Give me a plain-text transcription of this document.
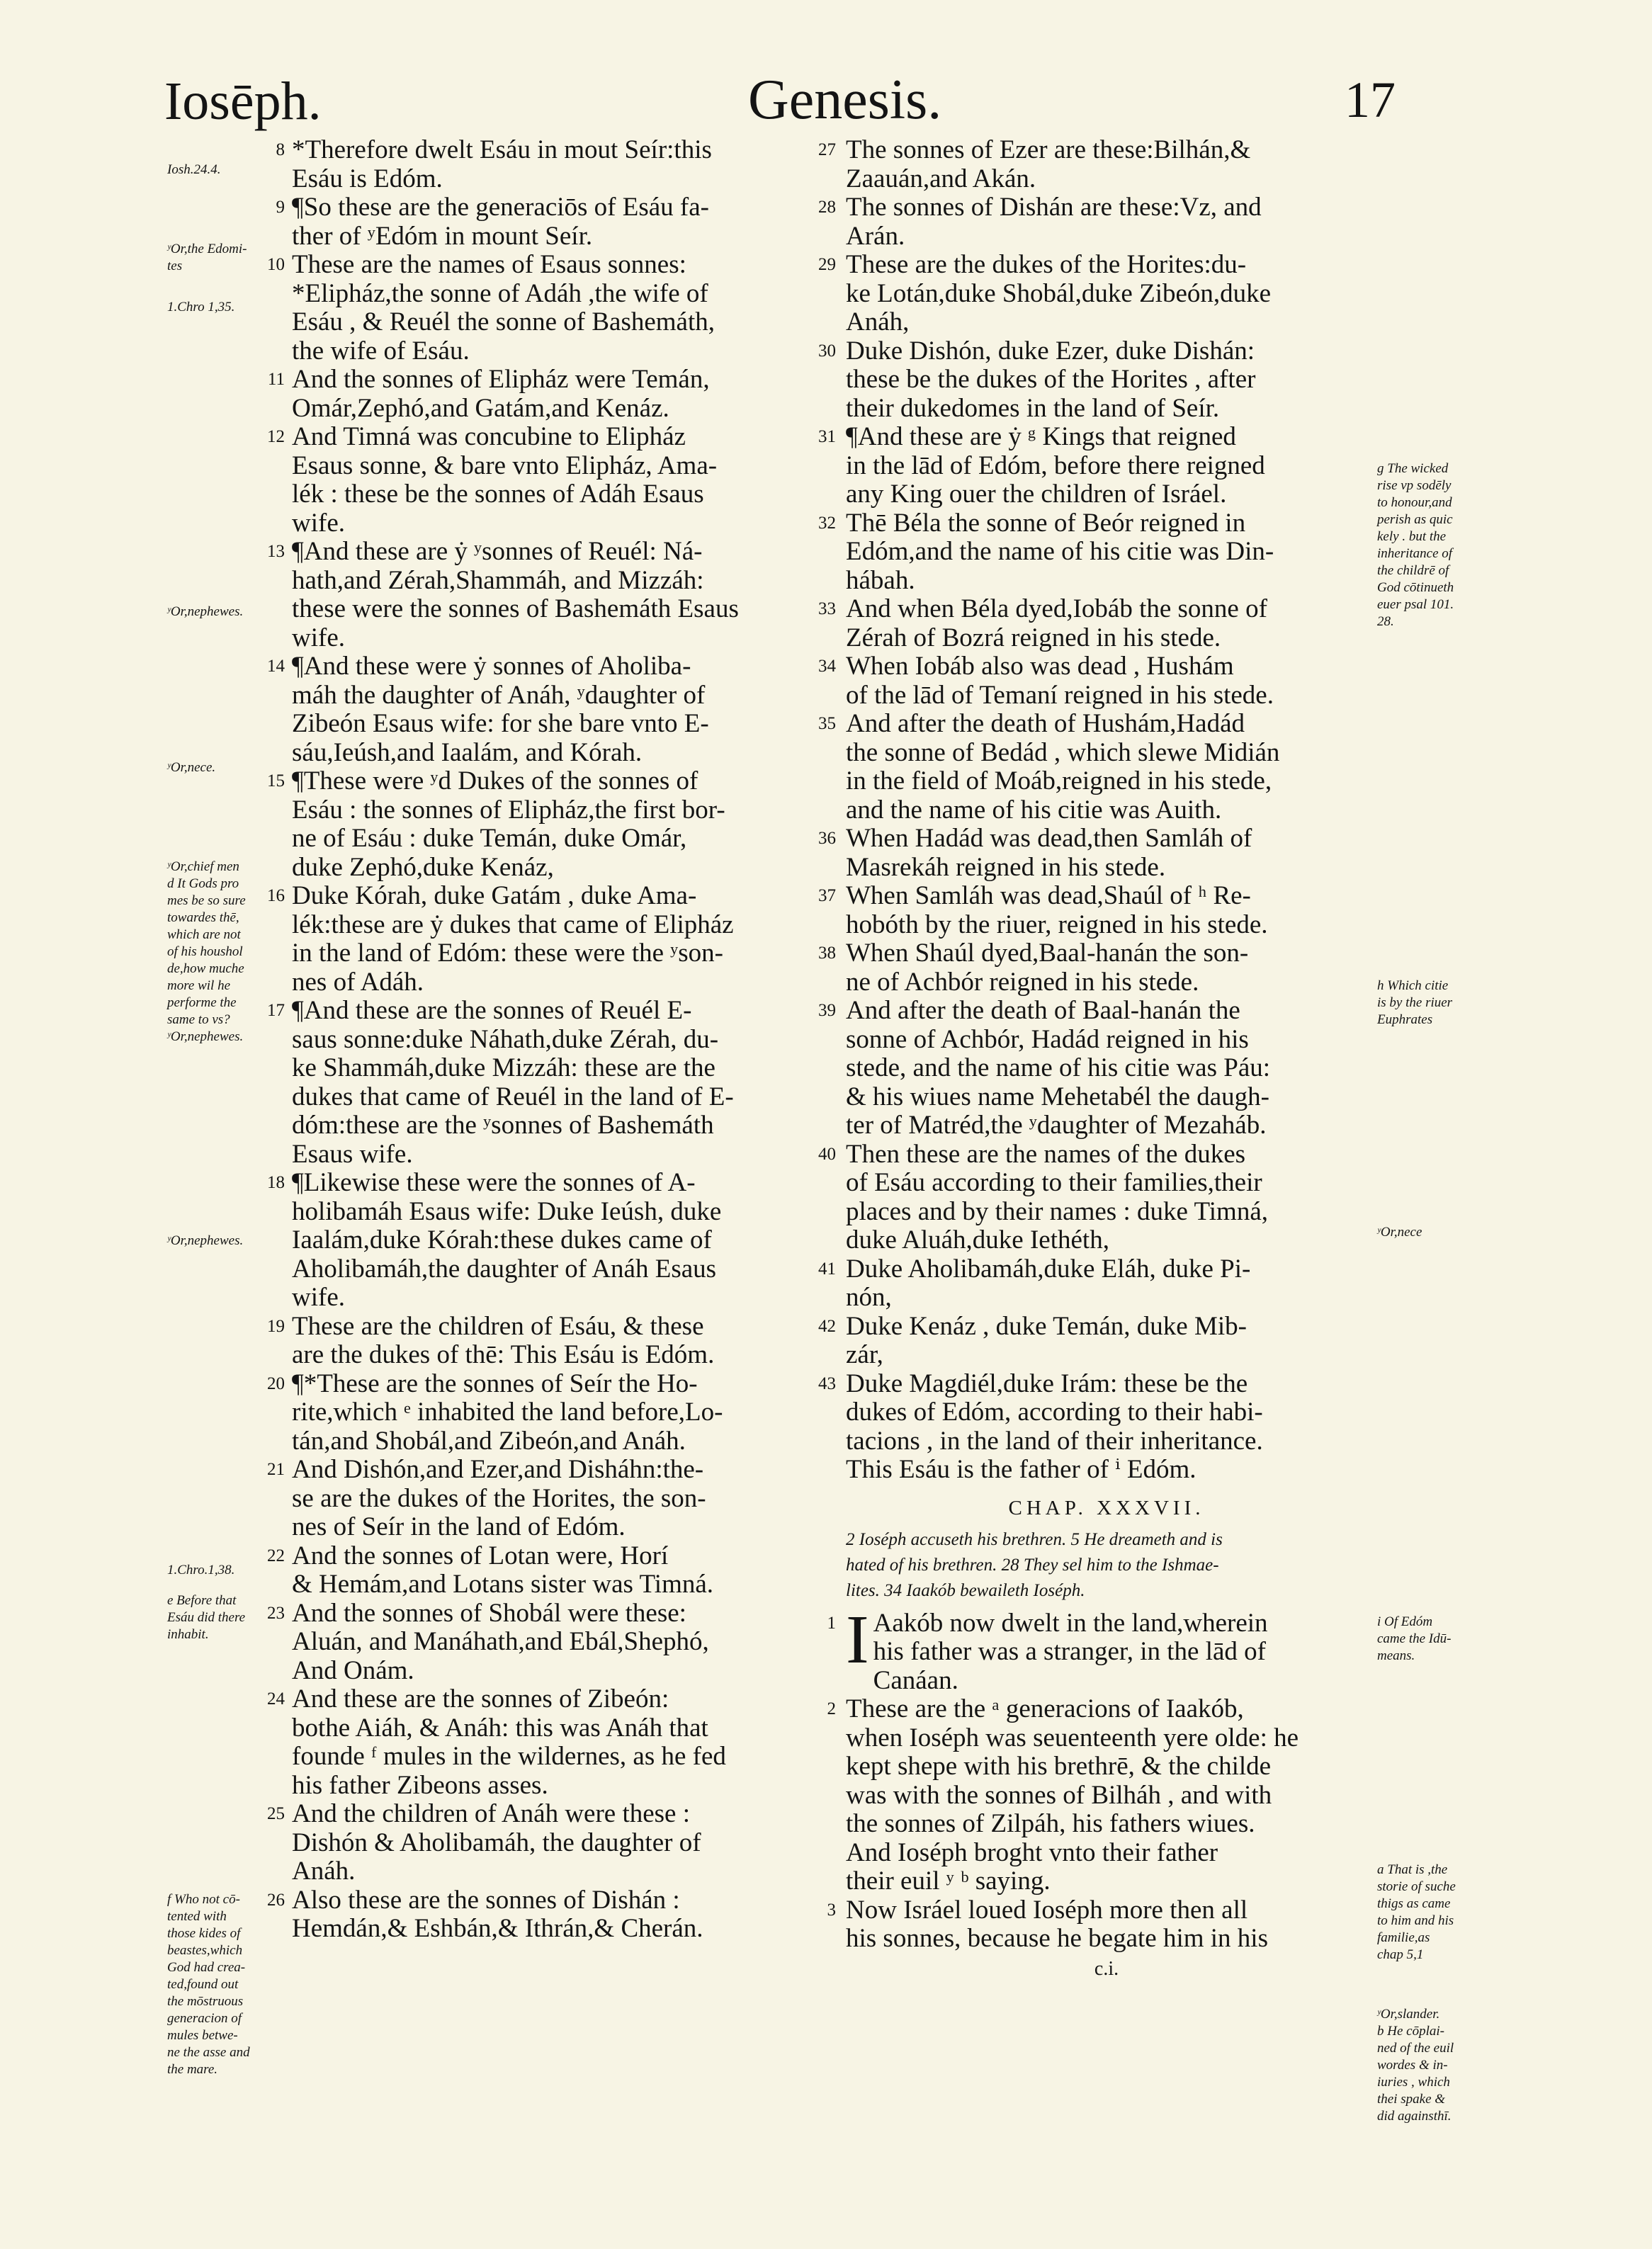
Iosēph.	Genesis.	17
8 *Therefore dwelt Esáu in mout Seír:this
Esáu is Edóm.
9 ¶So these are the generaciōs of Esáu fa-
ther of ʸEdóm in mount Seír.
10 These are the names of Esaus sonnes:
*Elipház,the sonne of Adáh ,the wife of
Esáu , & Reuél the sonne of Bashemáth,
the wife of Esáu.
11 And the sonnes of Elipház were Temán,
Omár,Zephó,and Gatám,and Kenáz.
12 And Timná was concubine to Elipház
Esaus sonne, & bare vnto Elipház, Ama-
lék : these be the sonnes of Adáh Esaus
wife.
13 ¶And these are ẏ ʸsonnes of Reuél: Ná-
hath,and Zérah,Shammáh, and Mizzáh:
these were the sonnes of Bashemáth Esaus
wife.
14 ¶And these were ẏ sonnes of Aholiba-
máh the daughter of Anáh, ʸdaughter of
Zibeón Esaus wife: for she bare vnto E-
sáu,Ieúsh,and Iaalám, and Kórah.
15 ¶These were ʸd Dukes of the sonnes of
Esáu : the sonnes of Elipház,the first bor-
ne of Esáu : duke Temán, duke Omár,
duke Zephó,duke Kenáz,
16 Duke Kórah, duke Gatám , duke Ama-
lék:these are ẏ dukes that came of Elipház
in the land of Edóm: these were the ʸson-
nes of Adáh.
17 ¶And these are the sonnes of Reuél E-
saus sonne:duke Náhath,duke Zérah, du-
ke Shammáh,duke Mizzáh: these are the
dukes that came of Reuél in the land of E-
dóm:these are the ʸsonnes of Bashemáth
Esaus wife.
18 ¶Likewise these were the sonnes of A-
holibamáh Esaus wife: Duke Ieúsh, duke
Iaalám,duke Kórah:these dukes came of
Aholibamáh,the daughter of Anáh Esaus
wife.
19 These are the children of Esáu, & these
are the dukes of thē: This Esáu is Edóm.
20 ¶*These are the sonnes of Seír the Ho-
rite,which ᵉ inhabited the land before,Lo-
tán,and Shobál,and Zibeón,and Anáh.
21 And Dishón,and Ezer,and Disháhn:the-
se are the dukes of the Horites, the son-
nes of Seír in the land of Edóm.
22 And the sonnes of Lotan were, Horí
& Hemám,and Lotans sister was Timná.
23 And the sonnes of Shobál were these:
Aluán, and Manáhath,and Ebál,Shephó,
And Onám.
24 And these are the sonnes of Zibeón:
bothe Aiáh, & Anáh: this was Anáh that
founde ᶠ mules in the wildernes, as he fed
his father Zibeons asses.
25 And the children of Anáh were these :
Dishón & Aholibamáh, the daughter of
Anáh.
26 Also these are the sonnes of Dishán :
Hemdán,& Eshbán,& Ithrán,& Cherán.
27 The sonnes of Ezer are these:Bilhán,&
Zaauán,and Akán.
28 The sonnes of Dishán are these:Vz, and
Arán.
29 These are the dukes of the Horites:du-
ke Lotán,duke Shobál,duke Zibeón,duke
Anáh,
30 Duke Dishón, duke Ezer, duke Dishán:
these be the dukes of the Horites , after
their dukedomes in the land of Seír.
31 ¶And these are ẏ ᵍ Kings that reigned
in the lād of Edóm, before there reigned
any King ouer the children of Isráel.
32 Thē Béla the sonne of Beór reigned in
Edóm,and the name of his citie was Din-
hábah.
33 And when Béla dyed,Iobáb the sonne of
Zérah of Bozrá reigned in his stede.
34 When Iobáb also was dead , Hushám
of the lād of Temaní reigned in his stede.
35 And after the death of Hushám,Hadád
the sonne of Bedád , which slewe Midián
in the field of Moáb,reigned in his stede,
and the name of his citie was Auith.
36 When Hadád was dead,then Samláh of
Masrekáh reigned in his stede.
37 When Samláh was dead,Shaúl of ʰ Re-
hobóth by the riuer, reigned in his stede.
38 When Shaúl dyed,Baal-hanán the son-
ne of Achbór reigned in his stede.
39 And after the death of Baal-hanán the
sonne of Achbór, Hadád reigned in his
stede, and the name of his citie was Páu:
& his wiues name Mehetabél the daugh-
ter of Matréd,the ʸdaughter of Mezaháb.
40 Then these are the names of the dukes
of Esáu according to their families,their
places and by their names : duke Timná,
duke Aluáh,duke Iethéth,
41 Duke Aholibamáh,duke Eláh, duke Pi-
nón,
42 Duke Kenáz , duke Temán, duke Mib-
zár,
43 Duke Magdiél,duke Irám: these be the
dukes of Edóm, according to their habi-
tacions , in the land of their inheritance.
This Esáu is the father of ⁱ Edóm.
CHAP. XXXVII.
2 Ioséph accuseth his brethren. 5 He dreameth and is
hated of his brethren. 28 They sel him to the Ishmae-
lites. 34 Iaakób bewaileth Ioséph.
I
1 Aakób now dwelt in the land,wherein
his father was a stranger, in the lād of
Canáan.
2 These are the ᵃ generacions of Iaakób,
when Ioséph was seuenteenth yere olde: he
kept shepe with his brethrē, & the childe
was with the sonnes of Bilháh , and with
the sonnes of Zilpáh, his fathers wiues.
And Ioséph broght vnto their father
their euil ʸ ᵇ saying.
3 Now Isráel loued Ioséph more then all
his sonnes, because he begate him in his
c.i.
Iosh.24.4.
ʸOr,the Edomi-
tes
1.Chro 1,35.
ʸOr,nephewes.
ʸOr,nece.
ʸOr,chief men
d It Gods pro
mes be so sure
towardes thē,
which are not
of his houshol
de,how muche
more wil he
performe the
same to vs?
ʸOr,nephewes.
ʸOr,nephewes.
1.Chro.1,38.
e Before that
Esáu did there
inhabit.
f Who not cō-
tented with
those kides of
beastes,which
God had crea-
ted,found out
the mōstruous
generacion of
mules betwe-
ne the asse and
the mare.
g The wicked
rise vp sodēly
to honour,and
perish as quic
kely . but the
inheritance of
the childrē of
God cōtinueth
euer psal 101.
28.
h Which citie
is by the riuer
Euphrates
ʸOr,nece
i Of Edóm
came the Idū-
means.
a That is ,the
storie of suche
thigs as came
to him and his
familie,as
chap 5,1
ʸOr,slander.
b He cōplai-
ned of the euil
wordes & in-
iuries , which
thei spake &
did againsthī.
